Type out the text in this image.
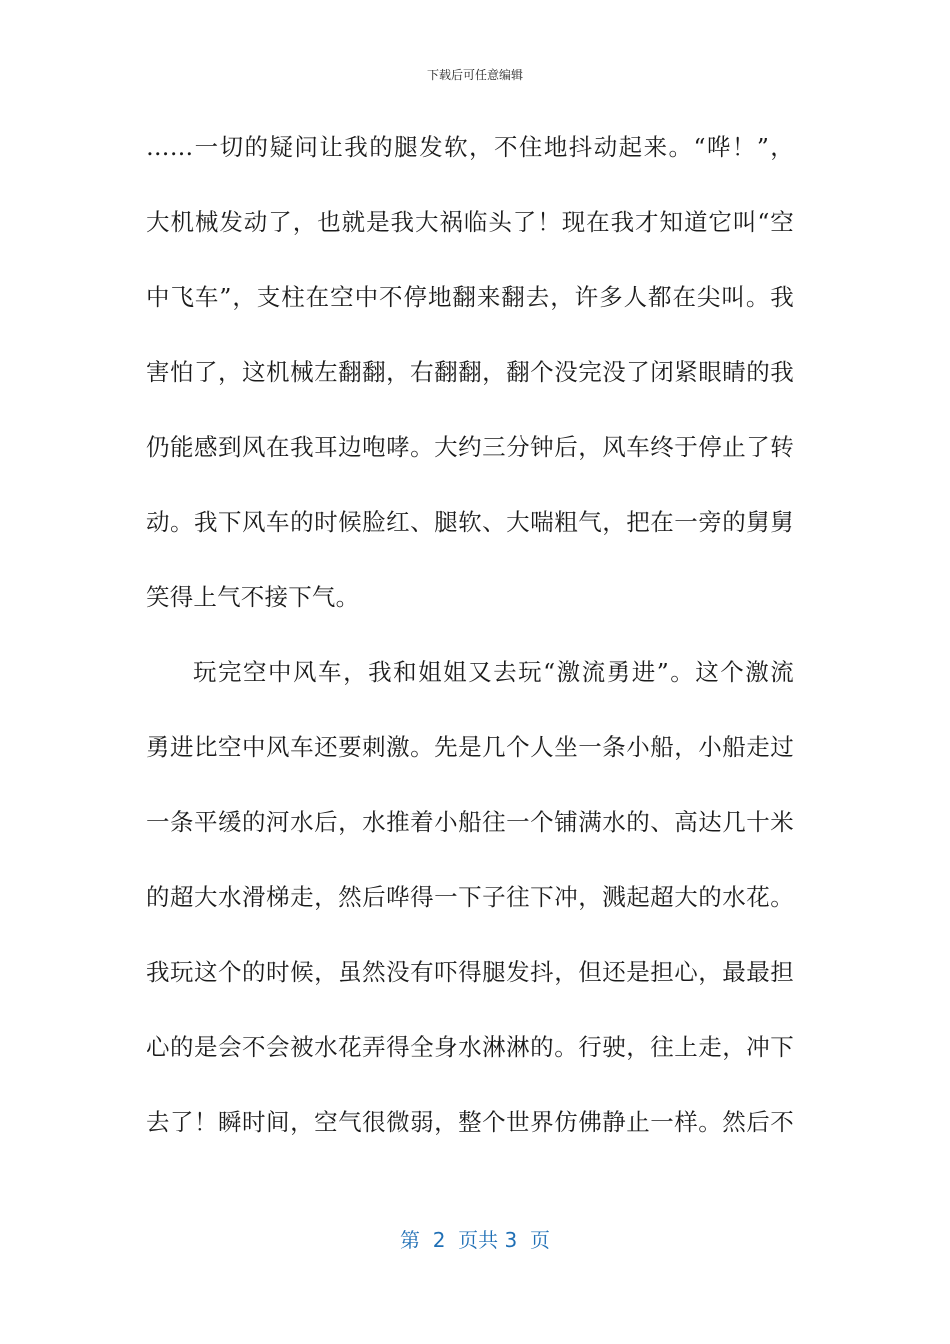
下载后可任意编辑
……一切的疑问让我的腿发软，不住地抖动起来。“哗！”，
大机械发动了，也就是我大祸临头了！现在我才知道它叫“空
中飞车”，支柱在空中不停地翻来翻去，许多人都在尖叫。我
害怕了，这机械左翻翻，右翻翻，翻个没完没了闭紧眼睛的我
仍能感到风在我耳边咆哮。大约三分钟后，风车终于停止了转
动。我下风车的时候脸红、腿软、大喘粗气，把在一旁的舅舅
笑得上气不接下气。
玩完空中风车，我和姐姐又去玩“激流勇进”。这个激流
勇进比空中风车还要刺激。先是几个人坐一条小船，小船走过
一条平缓的河水后，水推着小船往一个铺满水的、高达几十米
的超大水滑梯走，然后哗得一下子往下冲，溅起超大的水花。
我玩这个的时候，虽然没有吓得腿发抖，但还是担心，最最担
心的是会不会被水花弄得全身水淋淋的。行驶，往上走，冲下
去了！瞬时间，空气很微弱，整个世界仿佛静止一样。然后不
第  2  页共 3  页
